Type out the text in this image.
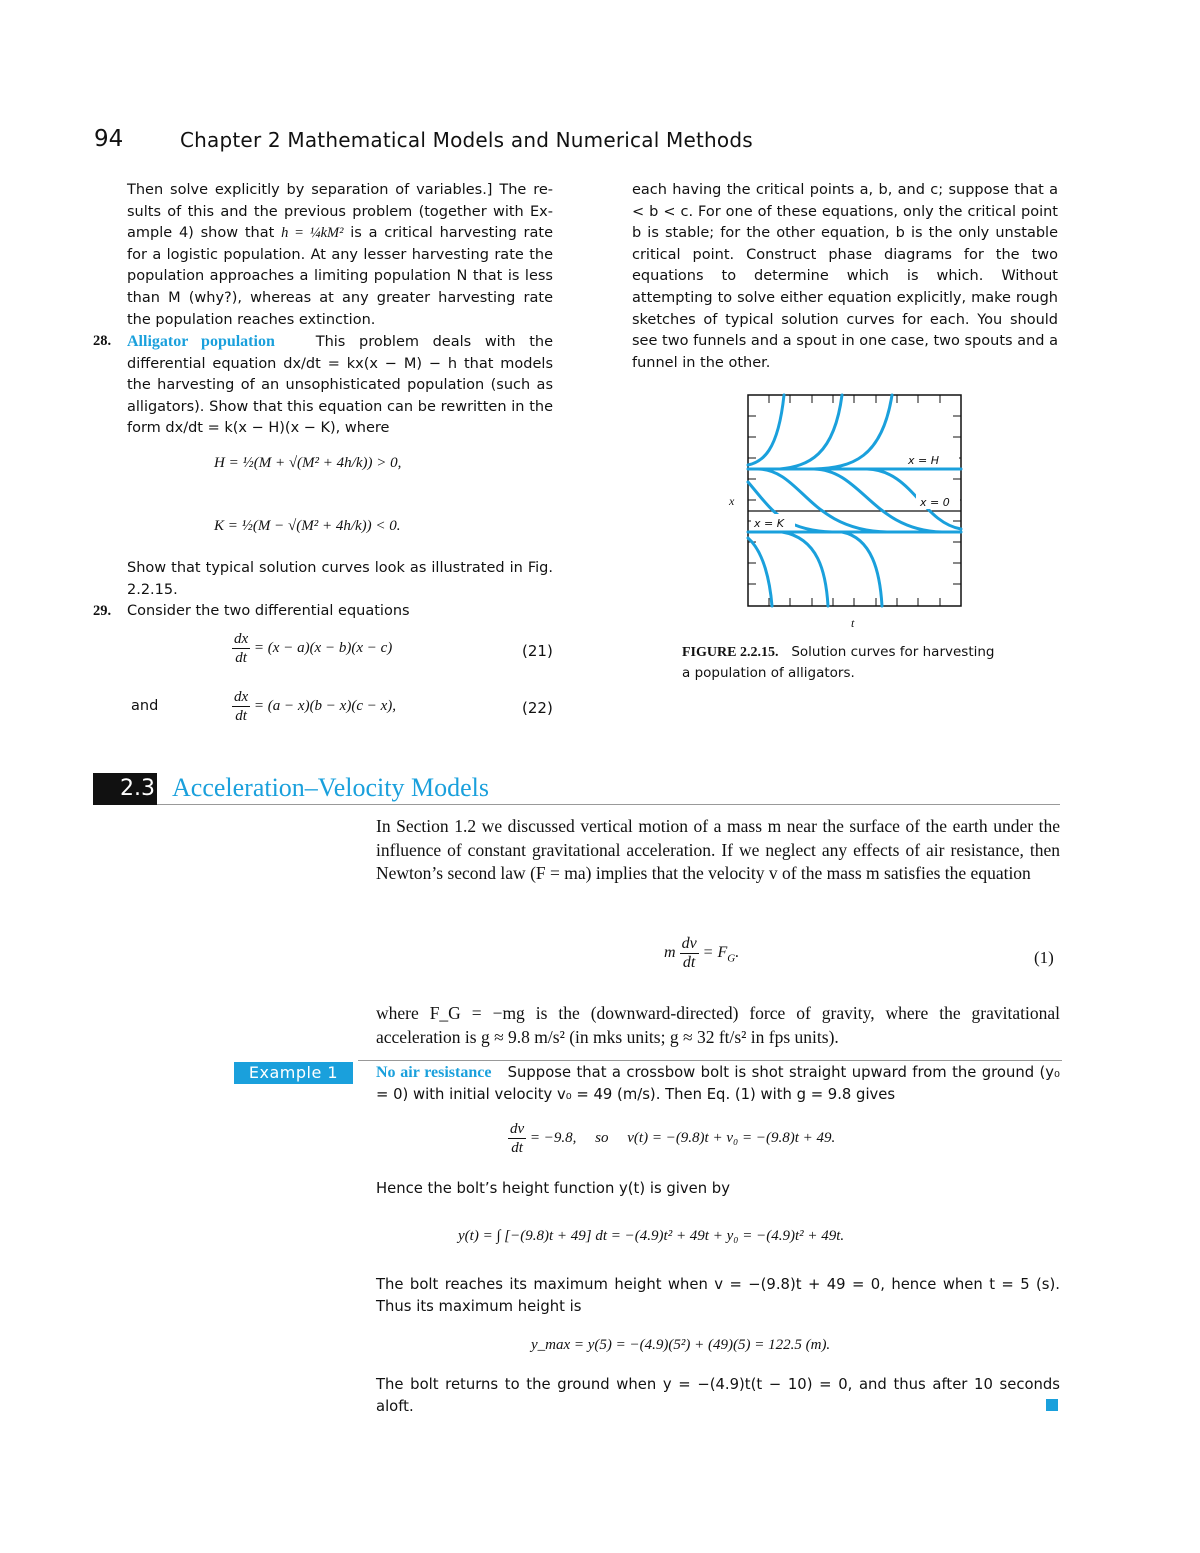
94	Chapter 2 Mathematical Models and Numerical Methods

Then solve explicitly by separation of variables.] The re- sults of this and the previous problem (together with Ex- ample 4) show that h = ¼kM² is a critical harvesting rate for a logistic population. At any lesser harvesting rate the population approaches a limiting population N that is less than M (why?), whereas at any greater harvesting rate the population reaches extinction.

28. Alligator population	This problem deals with the differential equation dx/dt = kx(x − M) − h that models the harvesting of an unsophisticated population (such as alligators). Show that this equation can be rewritten in the form dx/dt = k(x − H)(x − K), where

H = ½(M + √(M² + 4h/k)) > 0,
K = ½(M − √(M² + 4h/k)) < 0.

Show that typical solution curves look as illustrated in Fig. 2.2.15.

29. Consider the two differential equations

$\frac{dx}{dt} = (x - a)(x - b)(x - c)$	(21)
and	$\frac{dx}{dt} = (a - x)(b - x)(c - x)$,	(22)

each having the critical points a, b, and c; suppose that a < b < c. For one of these equations, only the critical point b is stable; for the other equation, b is the only unstable critical point. Construct phase diagrams for the two equations to determine which is which. Without attempting to solve either equation explicitly, make rough sketches of typical solution curves for each. You should see two funnels and a spout in one case, two spouts and a funnel in the other.

x = H
x = 0
x = K
x
t
FIGURE 2.2.15. Solution curves for harvesting
a population of alligators.
2.3 Acceleration–Velocity Models
In Section 1.2 we discussed vertical motion of a mass m near the surface of the earth under the influence of constant gravitational acceleration. If we neglect any effects of air resistance, then Newton’s second law (F = ma) implies that the velocity v of the mass m satisfies the equation
m $\frac{dv}{dt} = F_G$.	(1)
where F_G = −mg is the (downward-directed) force of gravity, where the gravitational acceleration is g ≈ 9.8 m/s² (in mks units; g ≈ 32 ft/s² in fps units).
Example 1	No air resistance Suppose that a crossbow bolt is shot straight upward from the ground (y₀ = 0) with initial velocity v₀ = 49 (m/s). Then Eq. (1) with g = 9.8 gives
$\frac{dv}{dt} = -9.8$,     so     v(t) = −(9.8)t + v₀ = −(9.8)t + 49.
Hence the bolt’s height function y(t) is given by
y(t) = ∫ [−(9.8)t + 49] dt = −(4.9)t² + 49t + y₀ = −(4.9)t² + 49t.
The bolt reaches its maximum height when v = −(9.8)t + 49 = 0, hence when t = 5 (s). Thus its maximum height is
y_max = y(5) = −(4.9)(5²) + (49)(5) = 122.5 (m).
The bolt returns to the ground when y = −(4.9)t(t − 10) = 0, and thus after 10 seconds aloft.
